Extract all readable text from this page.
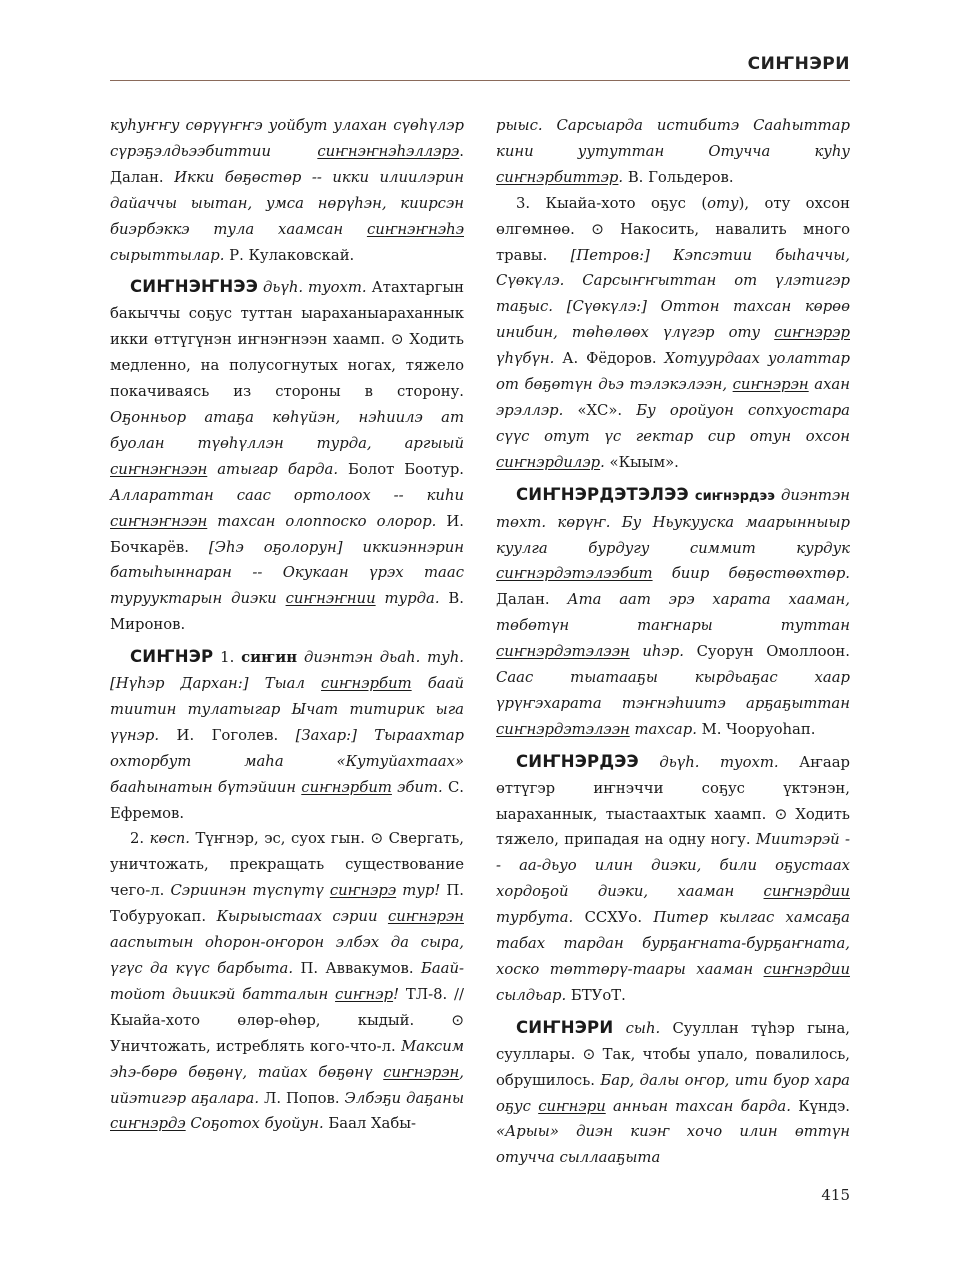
СИҤНЭРИ

куһуҥҥу сөрүүҥҥэ уойбут улахан сүөһүлэр сүрэҕэлдьээбиттии сиҥнэҥнэһэллэрэ. Далан. Икки бөҕөстөр -- икки илиилэрин дайаччы ыытан, умса нөрүһэн, киирсэн биэрбэккэ тула хаамсан сиҥнэҥнэһэ сырыттылар. Р. Кулаковскай.

СИҤНЭҤНЭЭ дьүһ. туохт. Атахтаргын бакыччы соҕус туттан ыараханыараханнык икки өттүгүнэн иҥнэҥнээн хаамп. ⊙ Ходить медленно, на полусогнутых ногах, тяжело покачиваясь из стороны в сторону. Оҕонньор атаҕа көһүйэн, нэһиилэ ат буолан түөһүллэн турда, аргыый сиҥнэҥнээн атыгар барда. Болот Боотур. Аллараттан саас ортолоох -- киһи сиҥнэҥнээн тахсан олоппоско олорор. И. Бочкарёв. [Эһэ оҕолорун] иккиэннэрин батыһыннаран -- Окукаан үрэх таас турууктарын диэки сиҥнэҥнии турда. В. Миронов.

СИҤНЭР 1. сиҥин диэнтэн дьаһ. туһ. [Нүһэр Дархан:] Тыал сиҥнэрбит баай тиитин тулатыгар Ычат титирик ыга үүнэр. И. Гоголев. [Захар:] Тыраахтар охторбут маһа «Кутуйахтаах» бааһынатын бүтэйиин сиҥнэрбит эбит. С. Ефремов.

2. көсп. Түҥнэр, эс, суох гын. ⊙ Свергать, уничтожать, прекращать существование чего-л. Сэриинэн түспүтү сиҥнэрэ тур! П. Тобуруокап. Кырыыстаах сэрии сиҥнэрэн ааспытын оһорон-оҥорон элбэх да сыра, үгүс да күүс барбыта. П. Аввакумов. Баай-тойот дьиикэй батталын сиҥнэр! ТЛ-8. // Кыайа-хото өлөр-өһөр, кыдый. ⊙ Уничтожать, истреблять кого-что-л. Максим эһэ-бөрө бөҕөнү, тайах бөҕөнү сиҥнэрэн, ийэтигэр аҕалара. Л. Попов. Элбэҕи даҕаны сиҥнэрдэ Соҕотох буойун. Баал Хабы-

рыыс. Сарсыарда истибитэ Сааһыттар кини уутуттан Отучча куһу сиҥнэрбиттэр. В. Гольдеров.

3. Кыайа-хото оҕус (оту), оту охсон өлгөмнөө. ⊙ Накосить, навалить много травы. [Петров:] Кэпсэтии быһаччы, Сүөкүлэ. Сарсыҥҥыттан от үлэтигэр таҕыс. [Сүөкүлэ:] Оттон тахсан көрөө инибин, төһөлөөх үлүгэр оту сиҥнэрэр үһүбүн. А. Фёдоров. Хотуурдаах уолаттар от бөҕөтүн дьэ тэлэкэлээн, сиҥнэрэн ахан эрэллэр. «ХС». Бу оройуон сопхуостара сүүс отут үс гектар сир отун охсон сиҥнэрдилэр. «Кыым».

СИҤНЭРДЭТЭЛЭЭ сиҥнэрдээ диэнтэн төхт. көрүҥ. Бу Ньукууска маарынныыр куулга бурдугу симмит курдук сиҥнэрдэтэлээбит биир бөҕөстөөхтөр. Далан. Ата аат эрэ харата хааман, төбөтүн таҥнары туттан сиҥнэрдэтэлээн иһэр. Суорун Омоллоон. Саас тыатааҕы кырдьаҕас хаар үрүҥэхарата тэҥнэһиитэ арҕаҕыттан сиҥнэрдэтэлээн тахсар. М. Чооруоһап.

СИҤНЭРДЭЭ дьүһ. туохт. Аҥаар өттүгэр иҥнэччи соҕус үктэнэн, ыараханнык, тыастаахтык хаамп. ⊙ Ходить тяжело, припадая на одну ногу. Миитэрэй -- аа-дьуо илин диэки, били оҕустаах хордоҕой диэки, хааман сиҥнэрдии турбута. ССХУо. Питер кылгас хамсаҕа табах тардан бурҕаҥната-бурҕаҥната, хоско төттөрү-таары хааман сиҥнэрдии сылдьар. БТУоТ.

СИҤНЭРИ сыһ. Сууллан түһэр гына, сууллары. ⊙ Так, чтобы упало, повалилось, обрушилось. Бар, далы оҥор, ити буор хара оҕус сиҥнэри анньан тахсан барда. Күндэ. «Арыы» диэн киэҥ хочо илин өттүн отучча сыллааҕыта

415
